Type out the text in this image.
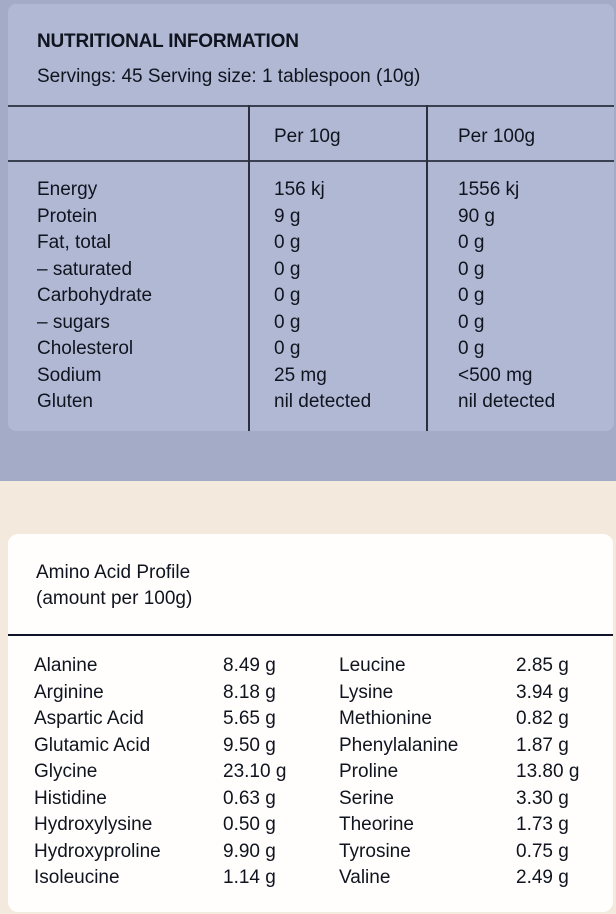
NUTRITIONAL INFORMATION
Servings: 45 Serving size: 1 tablespoon (10g)
Per 10g	Per 100g
Energy	156 kj	1556 kj
Protein	9 g	90 g
Fat, total	0 g	0 g
– saturated	0 g	0 g
Carbohydrate	0 g	0 g
– sugars	0 g	0 g
Cholesterol	0 g	0 g
Sodium	25 mg	<500 mg
Gluten	nil detected	nil detected
Amino Acid Profile
(amount per 100g)
Alanine	8.49 g	Leucine	2.85 g
Arginine	8.18 g	Lysine	3.94 g
Aspartic Acid	5.65 g	Methionine	0.82 g
Glutamic Acid	9.50 g	Phenylalanine	1.87 g
Glycine	23.10 g	Proline	13.80 g
Histidine	0.63 g	Serine	3.30 g
Hydroxylysine	0.50 g	Theorine	1.73 g
Hydroxyproline	9.90 g	Tyrosine	0.75 g
Isoleucine	1.14 g	Valine	2.49 g
